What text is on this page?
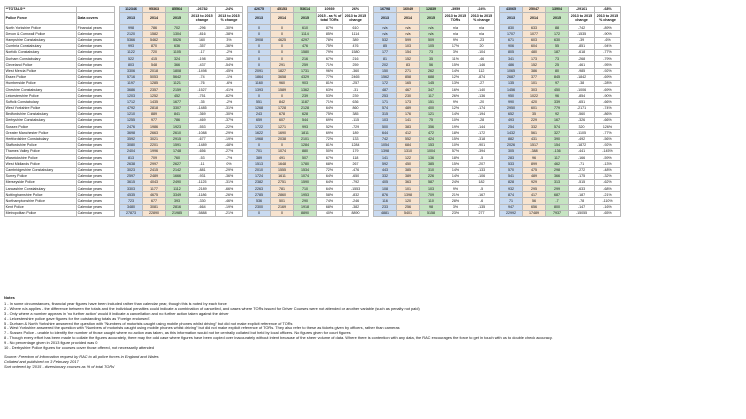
**TOTALS**			112346	95363	85564	-26782	-24%		42675	45153	53614	10939	26%		16798	16049	12839	-3959	-24%		43065	25047	13904	-29161	-68%
Police Force	Data covers		2013	2014	2015	2013 to 2015 change	2013 to 2015 % change		2013	2014	2015	2015 - as % of total TORs	2013 to 2015 change		2013	2014	2015	2013 to 2015 TORs	2013 to 2015 % change		2013	2014	2015	2013 to 2015 change	2013 to 2015 % change
North Yorkshire Police	Financial years		998	786	702	-296	-30%		0	0	610	87%	610		n/a	n/a	n/a	n/a	n/a		830	633	88	-742	-89%
Devon & Cornwall Police	Calendar years		2120	1582	1304	-816	-38%		0	0	1114	85%	1114		n/a	n/a	n/a	n/a	n/a		1707	1077	172	-1535	-90%
Hampshire Constabulary	Calendar years		5366	5462	5526	160	3%		3908	4625	4297	78%	389		532	599	509	9%	-23		671	603	630	-39	-6%
Cumbria Constabulary	Calendar years		993	870	636	-357	-36%		0	0	476	75%	476		85	103	105	17%	20		906	604	55	-851	-94%
Norfolk Constabulary	Calendar years		1122	720	1105	-17	-2%		0	0	1580	79%	1580		177	154	73	3%	-104		805	480	187	-618	-77%
Durham Constabulary	Calendar years		522	415	324	-198	-38%		0	0	216	67%	216		81	152	35	11%	-46		341	173	73	-268	-79%
Cleveland Police	Calendar years		803	548	366	-437	-54%		0	291	259	71%	259		202	83	56	15%	-146		486	152	25	-461	-95%
West Mercia Police	Calendar years		3306	2018	1808	-1498	-45%		2091	1827	1731	96%	-360		150	271	262	14%	112		1065	386	80	-985	-92%
Essex Police	Calendar years		5716	5053	5642	-74	-1%		1864	3658	4329	77%	2465		1562	858	688	12%	-874		2687	377	845	-1842	-69%
Humberside Police	Calendar years		1197	1285	1121	-76	-6%		1160	960	903	81%	-257		172	165	145	13%	-27		135	101	97	-38	-28%
Cheshire Constabulary	Calendar years		3686	2357	2159	-1527	-41%		1393	1589	1362	63%	-31		487	467	347	16%	-140		1456	303	450	-1006	-69%
Leicestershire Police	Calendar years		1203	1252	452	-751	-62%		0	0	239	53%	239		253	230	117	26%	-136		950	1022	96	-854	-90%
Suffolk Constabulary	Calendar years		1712	1435	1677	-35	-2%		551	842	1187	71%	636		171	173	151	9%	-20		990	420	339	-651	-66%
West Yorkshire Police	Calendar years		4792	2818	3307	-1485	-31%		1268	1728	2128	64%	860		574	489	400	12%	-174		2950	601	779	-2171	-74%
Bedfordshire Constabulary	Calendar years		1210	889	841	-369	-30%		243	678	628	75%	385		315	176	121	14%	-194		652	35	92	-560	-86%
Derbyshire Constabulary	Calendar years		1255	977	786	-469	-37%		659	607	544	69%	-115		103	141	75	10%	-28		493	229	167	-326	-66%
Sussex Police	Calendar years		2476	1986	1923	-553	-22%		1722	1271	993	52%	-729		500	383	356	19%	-144		254	332	574	320	126%
Greater Manchester Police	Calendar years		3698	2663	2610	-1088	-29%		1622	1690	1811	69%	189		644	412	472	18%	-172		1432	561	327	-1105	-77%
Hertfordshire Constabulary	Calendar years		3592	3021	2915	-677	-19%		1968	2038	2101	72%	133		742	552	424	15%	-318		882	431	390	-492	-56%
Staffordshire Police	Calendar years		3080	2201	1591	-1489	-48%		0	0	1284	81%	1284		1054	684	153	10%	-901		2026	1517	154	-1872	-92%
Thames Valley Police	Calendar years		2404	1996	1748	-656	-27%		701	1074	880	50%	179		1398	1310	1004	57%	-394		305	-388	-136	-441	-145%
Warwickshire Police	Calendar years		813	709	760	-53	-7%		389	491	507	67%	118		141	122	136	18%	-5		283	96	117	-166	-59%
West Midlands Police	Calendar years		2638	2997	2627	-11	0%		1513	1648	1780	68%	267		592	450	385	15%	-207		533	899	462	-71	-13%
Cambridgeshire Constabulary	Calendar years		3023	2415	2142	-881	-29%		2010	1555	1534	72%	-476		443	385	310	14%	-133		570	475	298	-272	-48%
Surrey Police	Calendar years		2597	2489	1666	-931	-36%		1724	1611	1074	64%	-650		332	389	226	14%	-106		541	489	366	-175	-32%
Merseyside Police	Calendar years		3615	4043	2490	-1125	-31%		2382	2751	1590	64%	-792		405	363	587	24%	182		828	929	313	-515	-62%
Lancashire Constabulary	Calendar years		3303	1177	1112	-2189	-66%		2263	781	710	64%	-1553		108	101	103	9%	-5		932	295	299	-633	-68%
Nottinghamshire Police	Calendar years		4535	4675	3349	-1186	-26%		2785	2860	1953	58%	-832		876	1398	709	21%	-167		874	417	687	-187	-21%
Northamptonshire Police	Calendar years		723	677	393	-330	-46%		536	501	290	74%	-246		116	120	110	28%	-6		71	56	-7	-78	-110%
Kent Police	Calendar years		3480	3081	2816	-664	-19%		2300	2169	1918	68%	-382		233	256	98	3%	-135		947	656	800	-147	-16%
Metropolitan Police	Calendar years		27873	22890	21985	-5888	-21%		0	0	8890	40%	8890		4881	5401	5158	23%	277		22992	17489	7937	-15055	-65%
Notes
1 - In some circumstances, financial year figures have been included rather than calendar year, though this is noted by each force
2 - Where n/a applies - the difference between the totals and the individual penalties could indicate a combination of cancelled, and cases where TORs issued for Driver Courses were not attended or another variable (such as penalty not paid)
3 - Only where a number appears in 'no further action' would it indicate a cancellation and no further action taken against the driver
4 - Leicestershire police gave figures for the outstanding totals as 'Foreign endorsed'.
5 - Durham & North Yorkshire answered the question with "Numbers of motorists caught using mobile phones whilst driving" but did not make explicit reference of TORs
6 - West Yorkshire answered the question with "Numbers of motorists caught using mobile phones whilst driving" but did not make explicit reference of TORs. They also refer to these as tickets given by officers, rather than cameras
7 - Sussex Police - unable to identify the number of those caught where no action was taken, as this information would not be centrally collated but held by local officers. No figures given for court figures
8 - Though every effort has been made to collate the figures accurately, there may the odd case where figures have been copied over inaccurately without intent because of the sheer volume of data. Where there is contention with any data, the RAC encourages the force to get in touch with us to double check accuracy.
9 - No percentage given in 2013 figure provided was 0
10 - Derbyshire Police figures for courses cover those offered, not necessarily attended
Source: Freedom of Information request by RAC to all police forces in England and Wales
Collated and published on 3 February 2017
Sort ordered by '2015 - diversionary courses as % of total TORs'
